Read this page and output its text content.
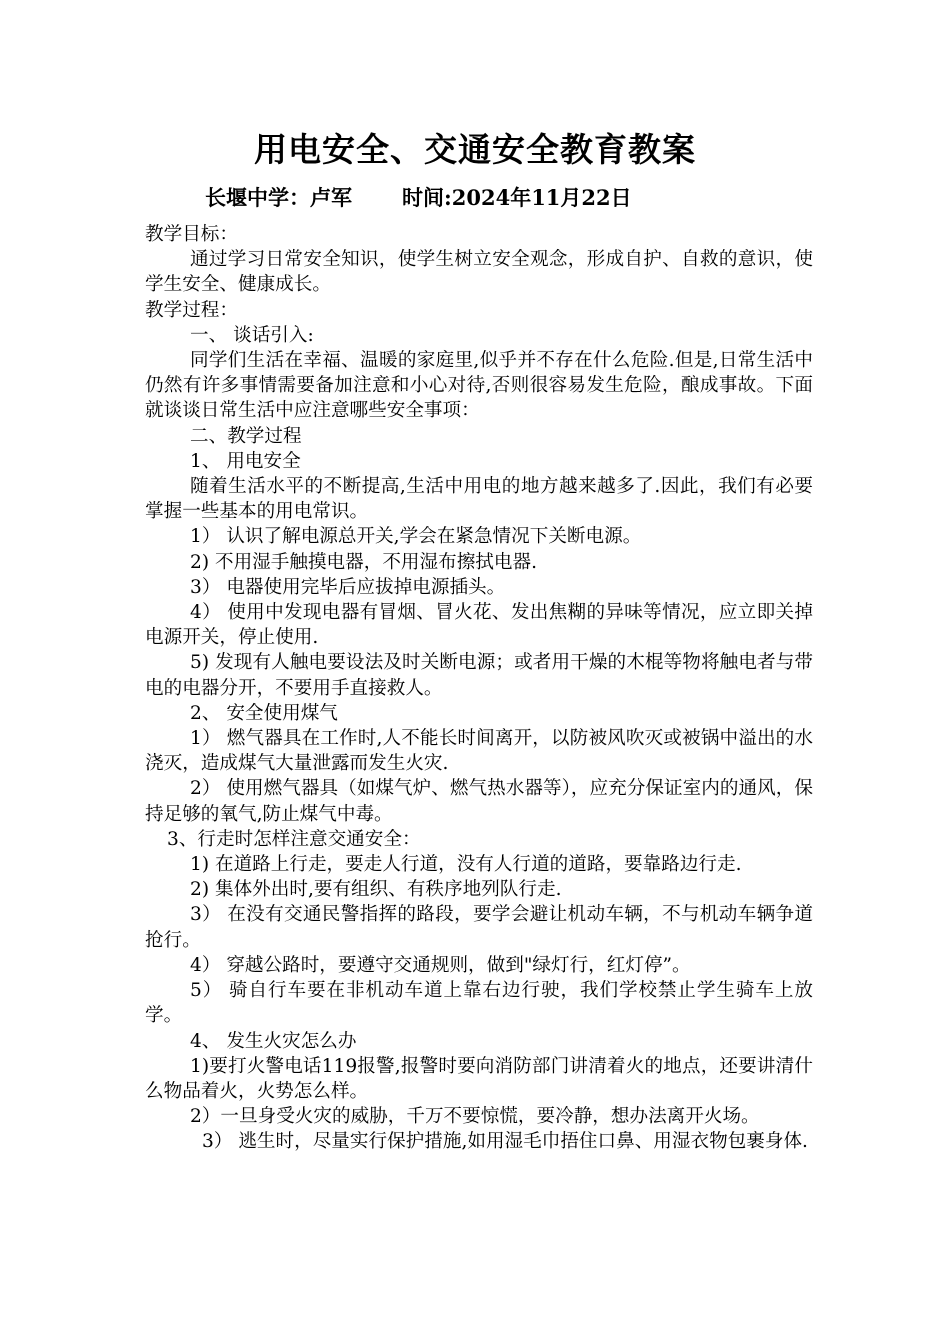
用电安全、交通安全教育教案
长堰中学：卢军 时间:2024年11月22日

教学目标：

通过学习日常安全知识，使学生树立安全观念，形成自护、自救的意识，使学生安全、健康成长。

教学过程：

一、 谈话引入:

同学们生活在幸福、温暖的家庭里,似乎并不存在什么危险.但是,日常生活中仍然有许多事情需要备加注意和小心对待,否则很容易发生危险，酿成事故。下面就谈谈日常生活中应注意哪些安全事项：

二、教学过程

1、 用电安全

随着生活水平的不断提高,生活中用电的地方越来越多了.因此，我们有必要掌握一些基本的用电常识。

1） 认识了解电源总开关,学会在紧急情况下关断电源。

2) 不用湿手触摸电器，不用湿布擦拭电器.

3） 电器使用完毕后应拔掉电源插头。

4） 使用中发现电器有冒烟、冒火花、发出焦糊的异味等情况，应立即关掉电源开关，停止使用.

5) 发现有人触电要设法及时关断电源；或者用干燥的木棍等物将触电者与带电的电器分开，不要用手直接救人。

2、 安全使用煤气

1） 燃气器具在工作时,人不能长时间离开，以防被风吹灭或被锅中溢出的水浇灭，造成煤气大量泄露而发生火灾.

2） 使用燃气器具（如煤气炉、燃气热水器等），应充分保证室内的通风，保持足够的氧气,防止煤气中毒。

3、行走时怎样注意交通安全：

1) 在道路上行走，要走人行道，没有人行道的道路，要靠路边行走.

2) 集体外出时,要有组织、有秩序地列队行走.

3） 在没有交通民警指挥的路段，要学会避让机动车辆，不与机动车辆争道抢行。

4） 穿越公路时，要遵守交通规则，做到"绿灯行，红灯停”。

5） 骑自行车要在非机动车道上靠右边行驶，我们学校禁止学生骑车上放学。

4、 发生火灾怎么办

1)要打火警电话119报警,报警时要向消防部门讲清着火的地点，还要讲清什么物品着火，火势怎么样。

2）一旦身受火灾的威胁，千万不要惊慌，要冷静，想办法离开火场。

3） 逃生时，尽量实行保护措施,如用湿毛巾捂住口鼻、用湿衣物包裹身体.
